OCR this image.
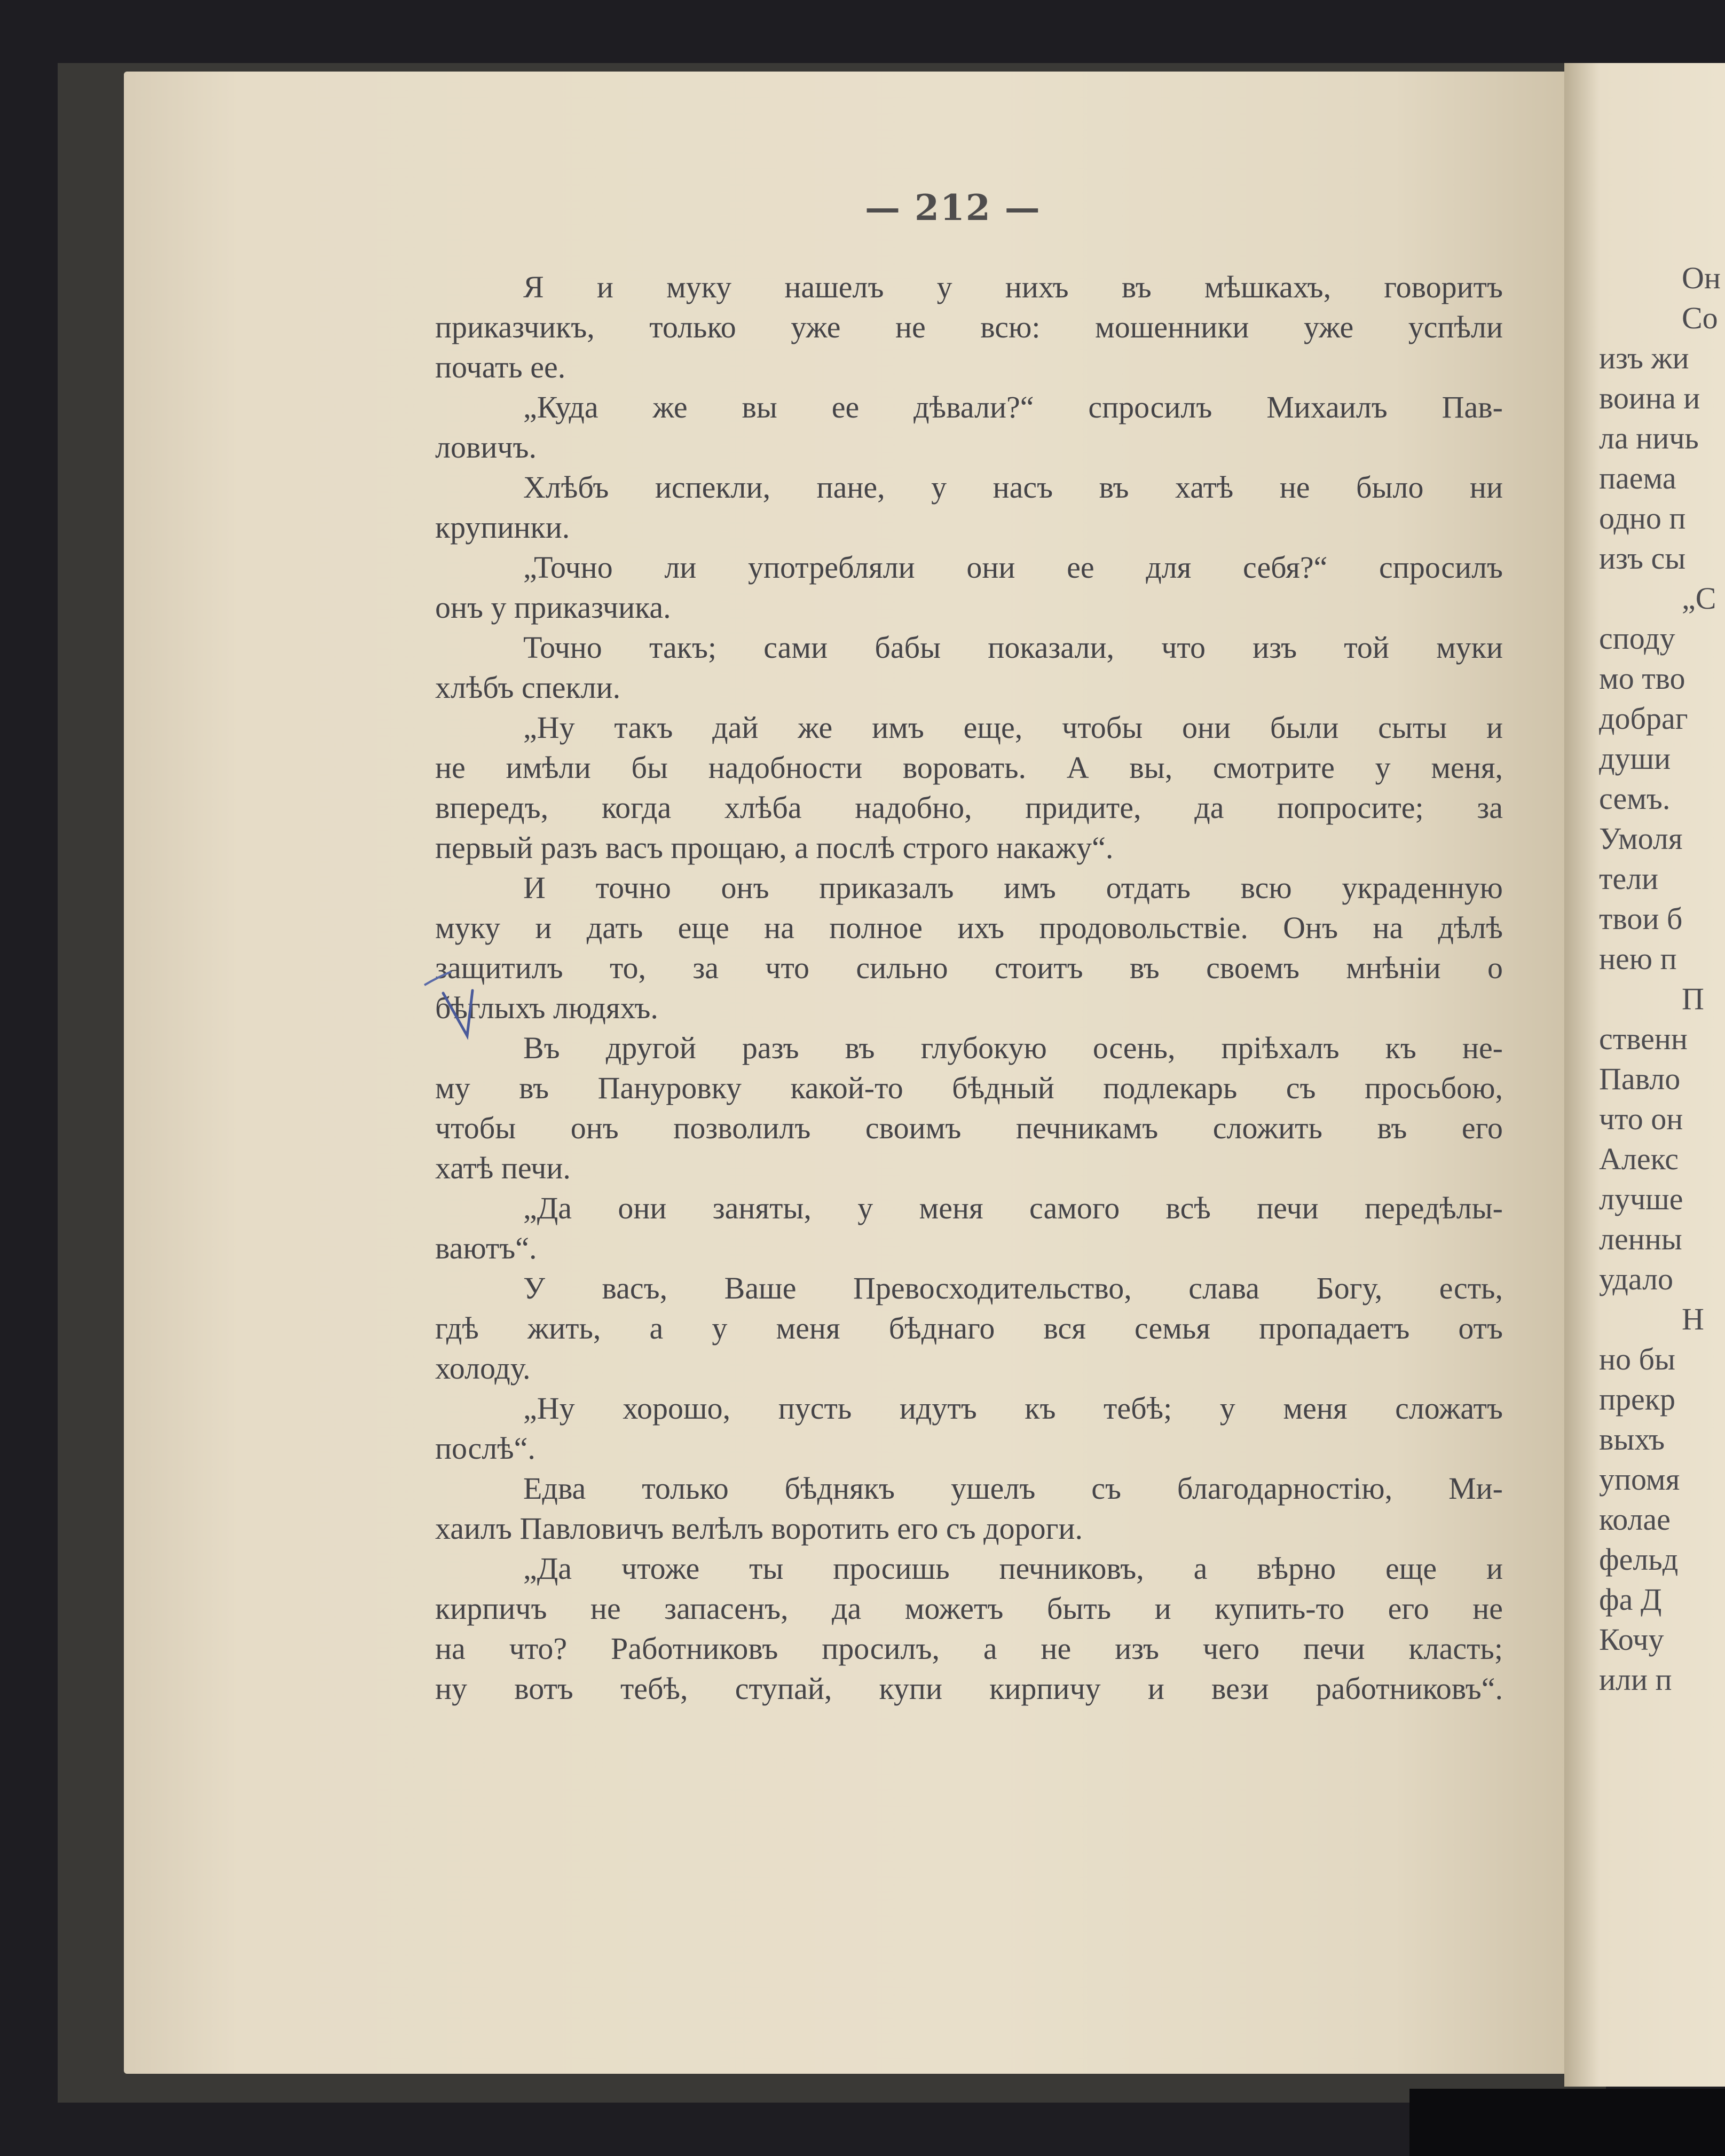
— 212 —
Я и муку нашелъ у нихъ въ мѣшкахъ, говоритъ
приказчикъ, только уже не всю: мошенники уже успѣли
почать ее.
„Куда же вы ее дѣвали?“ спросилъ Михаилъ Пав-
ловичъ.
Хлѣбъ испекли, пане, у насъ въ хатѣ не было ни
крупинки.
„Точно ли употребляли они ее для себя?“ спросилъ
онъ у приказчика.
Точно такъ; сами бабы показали, что изъ той муки
хлѣбъ спекли.
„Ну такъ дай же имъ еще, чтобы они были сыты и
не имѣли бы надобности воровать. А вы, смотрите у меня,
впередъ, когда хлѣба надобно, придите, да попросите; за
первый разъ васъ прощаю, а послѣ строго накажу“.
И точно онъ приказалъ имъ отдать всю украденную
муку и дать еще на полное ихъ продовольствіе. Онъ на дѣлѣ
защитилъ то, за что сильно стоитъ въ своемъ мнѣніи о
бѣглыхъ людяхъ.
Въ другой разъ въ глубокую осень, пріѣхалъ къ не-
му въ Пануровку какой-то бѣдный подлекарь съ просьбою,
чтобы онъ позволилъ своимъ печникамъ сложить въ его
хатѣ печи.
„Да они заняты, у меня самого всѣ печи передѣлы-
ваютъ“.
У васъ, Ваше Превосходительство, слава Богу, есть,
гдѣ жить, а у меня бѣднаго вся семья пропадаетъ отъ
холоду.
„Ну хорошо, пусть идутъ къ тебѣ; у меня сложатъ
послѣ“.
Едва только бѣднякъ ушелъ съ благодарностію, Ми-
хаилъ Павловичъ велѣлъ воротить его съ дороги.
„Да чтоже ты просишь печниковъ, а вѣрно еще и
кирпичъ не запасенъ, да можетъ быть и купить-то его не
на что? Работниковъ просилъ, а не изъ чего печи класть;
ну вотъ тебѣ, ступай, купи кирпичу и вези работниковъ“.
Он
Со
изъ жи
воина и
ла ничь
паема
одно п
изъ сы
„С
споду
мо тво
добраг
души
семъ.
Умоля
тели
твои б
нею п
П
ственн
Павло
что он
Алекс
лучше
ленны
удало
Н
но бы
прекр
выхъ
упомя
колае
фельд
фа Д
Кочу
или п
